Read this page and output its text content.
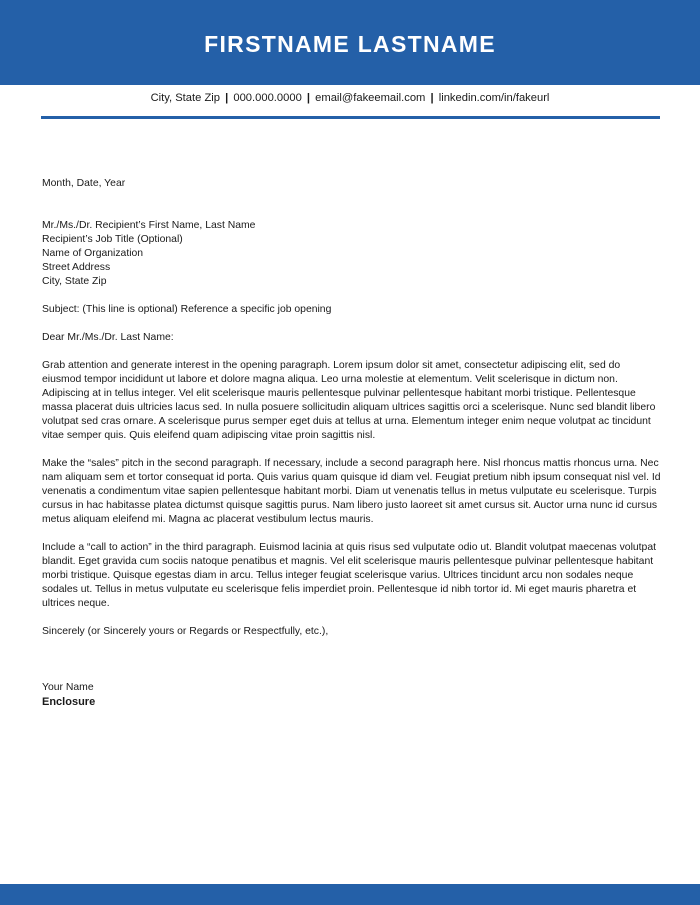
FIRSTNAME LASTNAME
City, State Zip | 000.000.0000 | email@fakeemail.com | linkedin.com/in/fakeurl

Month, Date, Year

Mr./Ms./Dr. Recipient’s First Name, Last Name
Recipient’s Job Title (Optional)
Name of Organization
Street Address
City, State Zip

Subject: (This line is optional) Reference a specific job opening

Dear Mr./Ms./Dr. Last Name:

Grab attention and generate interest in the opening paragraph. Lorem ipsum dolor sit amet, consectetur adipiscing elit, sed do eiusmod tempor incididunt ut labore et dolore magna aliqua. Leo urna molestie at elementum. Velit scelerisque in dictum non. Adipiscing at in tellus integer. Vel elit scelerisque mauris pellentesque pulvinar pellentesque habitant morbi tristique. Pellentesque massa placerat duis ultricies lacus sed. In nulla posuere sollicitudin aliquam ultrices sagittis orci a scelerisque. Nunc sed blandit libero volutpat sed cras ornare. A scelerisque purus semper eget duis at tellus at urna. Elementum integer enim neque volutpat ac tincidunt vitae semper quis. Quis eleifend quam adipiscing vitae proin sagittis nisl.

Make the “sales” pitch in the second paragraph. If necessary, include a second paragraph here. Nisl rhoncus mattis rhoncus urna. Nec nam aliquam sem et tortor consequat id porta. Quis varius quam quisque id diam vel. Feugiat pretium nibh ipsum consequat nisl vel. Id venenatis a condimentum vitae sapien pellentesque habitant morbi. Diam ut venenatis tellus in metus vulputate eu scelerisque. Turpis cursus in hac habitasse platea dictumst quisque sagittis purus. Nam libero justo laoreet sit amet cursus sit. Auctor urna nunc id cursus metus aliquam eleifend mi. Magna ac placerat vestibulum lectus mauris.

Include a “call to action” in the third paragraph. Euismod lacinia at quis risus sed vulputate odio ut. Blandit volutpat maecenas volutpat blandit. Eget gravida cum sociis natoque penatibus et magnis. Vel elit scelerisque mauris pellentesque pulvinar pellentesque habitant morbi tristique. Quisque egestas diam in arcu. Tellus integer feugiat scelerisque varius. Ultrices tincidunt arcu non sodales neque sodales ut. Tellus in metus vulputate eu scelerisque felis imperdiet proin. Pellentesque id nibh tortor id. Mi eget mauris pharetra et ultrices neque.

Sincerely (or Sincerely yours or Regards or Respectfully, etc.),

Your Name

Enclosure
